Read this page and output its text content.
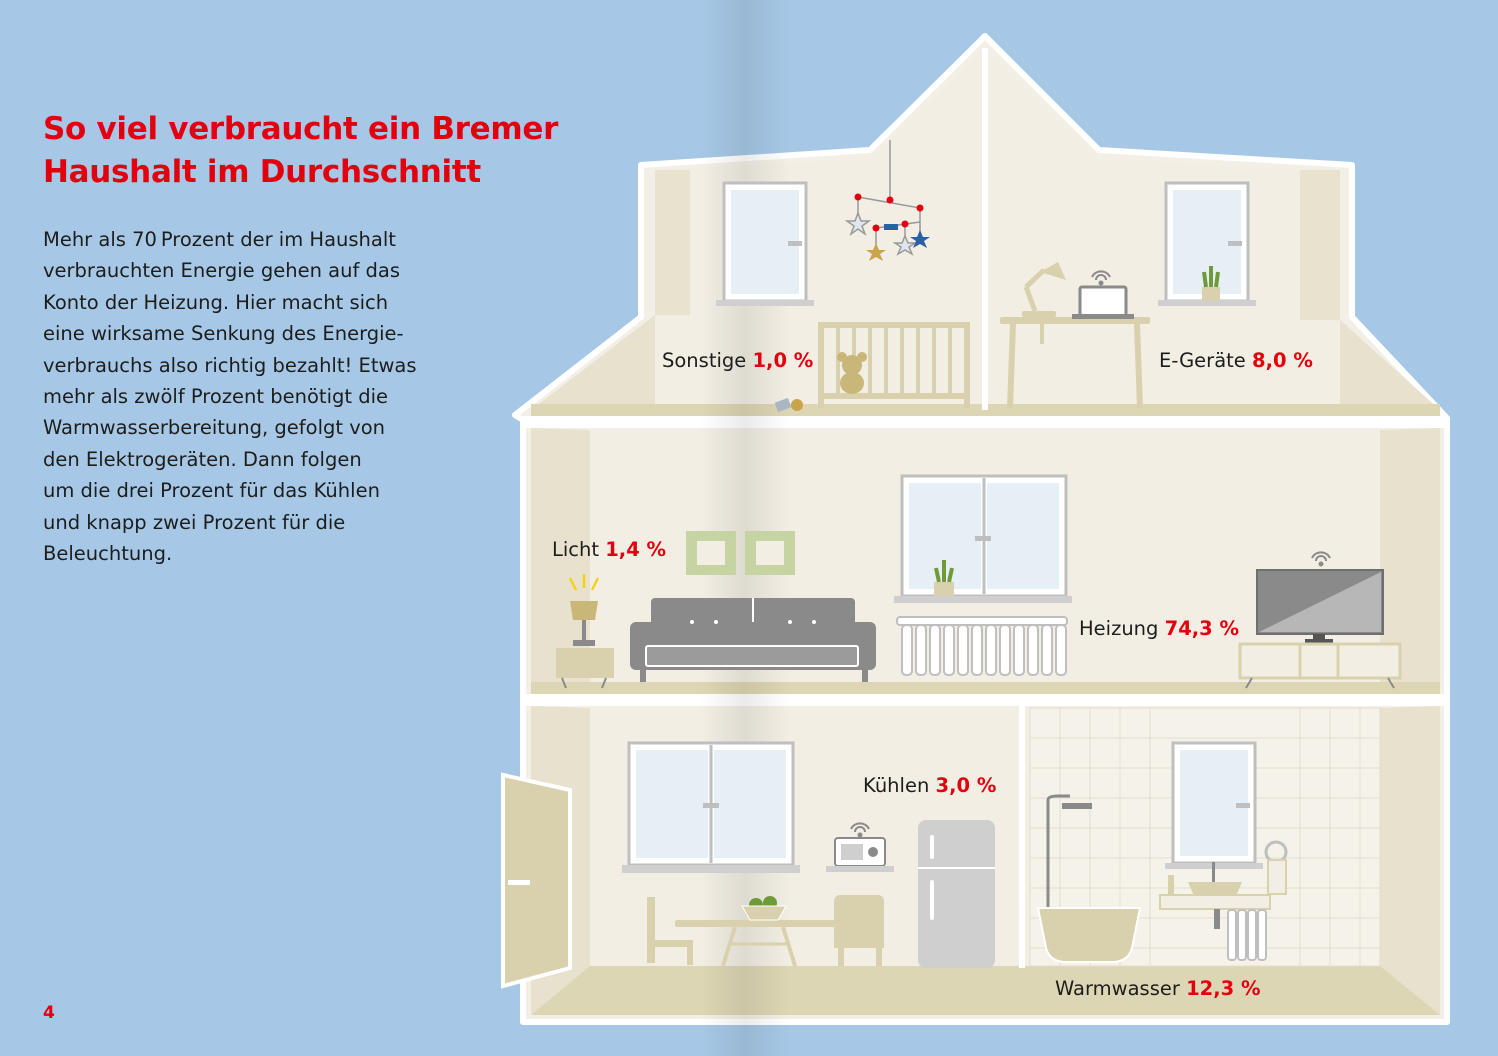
So viel verbraucht ein Bremer
Haushalt im Durchschnitt
Mehr als 70 Prozent der im Haushalt
verbrauchten Energie gehen auf das
Konto der Heizung. Hier macht sich
eine wirksame Senkung des Energie-
verbrauchs also richtig bezahlt! Etwas
mehr als zwölf Prozent benötigt die
Warmwasserbereitung, gefolgt von
den Elektrogeräten. Dann folgen
um die drei Prozent für das Kühlen
und knapp zwei Prozent für die
Beleuchtung.
4
Sonstige 1,0 %	E-Geräte 8,0 %
Licht 1,4 %
Heizung 74,3 %
Kühlen 3,0 %
Warmwasser 12,3 %
